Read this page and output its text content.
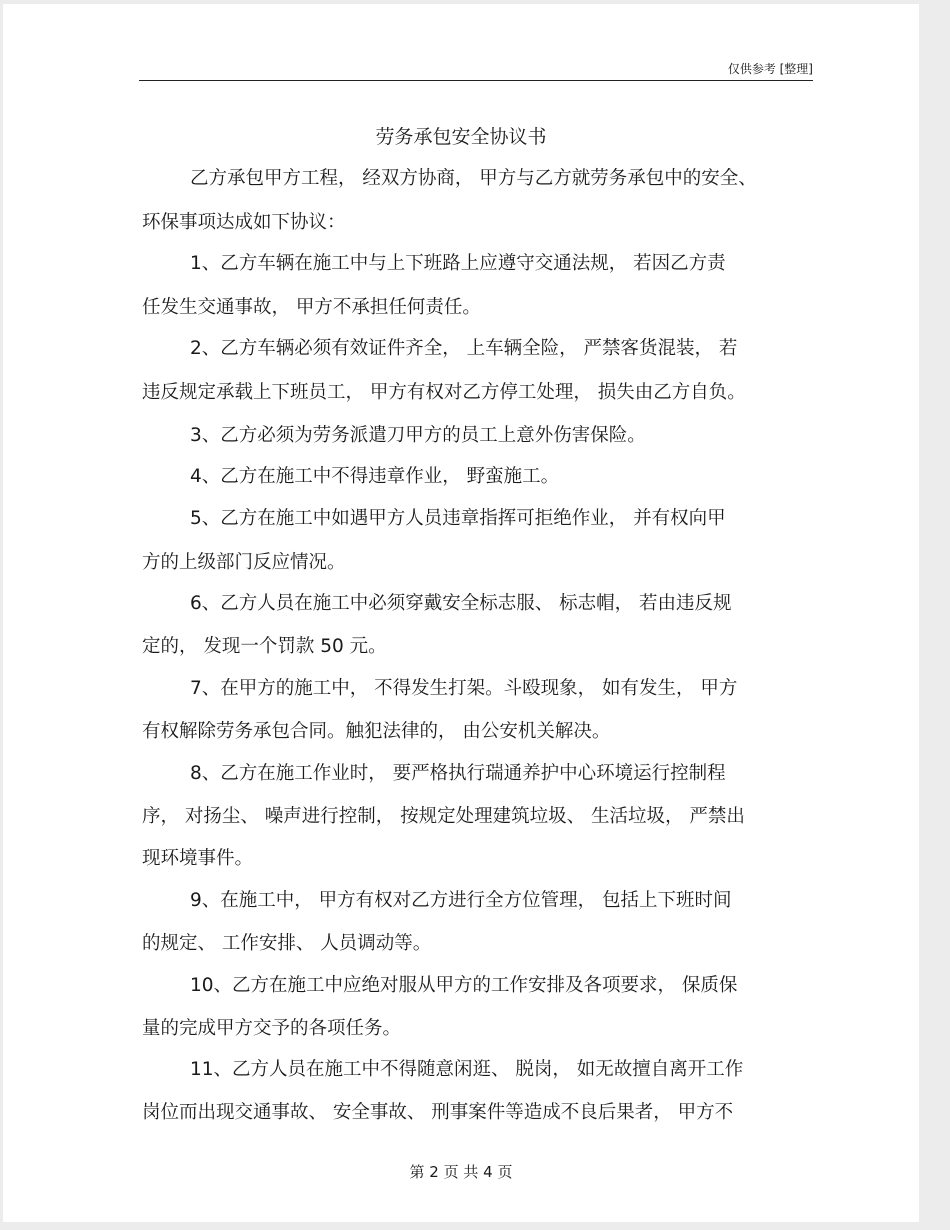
仅供参考 [整理]
劳务承包安全协议书
乙方承包甲方工程， 经双方协商， 甲方与乙方就劳务承包中的安全、
环保事项达成如下协议：
1、乙方车辆在施工中与上下班路上应遵守交通法规， 若因乙方责
任发生交通事故， 甲方不承担任何责任。
2、乙方车辆必须有效证件齐全， 上车辆全险， 严禁客货混装， 若
违反规定承载上下班员工， 甲方有权对乙方停工处理， 损失由乙方自负。
3、乙方必须为劳务派遣刀甲方的员工上意外伤害保险。
4、乙方在施工中不得违章作业， 野蛮施工。
5、乙方在施工中如遇甲方人员违章指挥可拒绝作业， 并有权向甲
方的上级部门反应情况。
6、乙方人员在施工中必须穿戴安全标志服、 标志帽， 若由违反规
定的， 发现一个罚款 50 元。
7、在甲方的施工中， 不得发生打架。斗殴现象， 如有发生， 甲方
有权解除劳务承包合同。触犯法律的， 由公安机关解决。
8、乙方在施工作业时， 要严格执行瑞通养护中心环境运行控制程
序， 对扬尘、 噪声进行控制， 按规定处理建筑垃圾、 生活垃圾， 严禁出
现环境事件。
9、在施工中， 甲方有权对乙方进行全方位管理， 包括上下班时间
的规定、 工作安排、 人员调动等。
10、乙方在施工中应绝对服从甲方的工作安排及各项要求， 保质保
量的完成甲方交予的各项任务。
11、乙方人员在施工中不得随意闲逛、 脱岗， 如无故擅自离开工作
岗位而出现交通事故、 安全事故、 刑事案件等造成不良后果者， 甲方不
第 2 页 共 4 页
